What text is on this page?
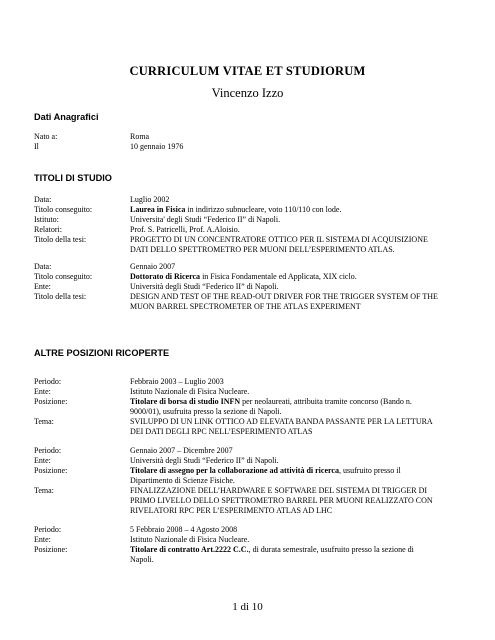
CURRICULUM VITAE ET STUDIORUM
Vincenzo Izzo
Dati Anagrafici
Nato a:	Roma
Il	10 gennaio 1976
TITOLI DI STUDIO
Data:	Luglio 2002
Titolo conseguito:	Laurea in Fisica in indirizzo subnucleare, voto 110/110 con lode.
Istituto:	Universita' degli Studi “Federico II” di Napoli.
Relatori:	Prof. S. Patricelli, Prof. A.Aloisio.
Titolo della tesi:	PROGETTO DI UN CONCENTRATORE OTTICO PER IL SISTEMA DI ACQUISIZIONE DATI DELLO SPETTROMETRO PER MUONI DELL’ESPERIMENTO ATLAS.
Data:	Gennaio 2007
Titolo conseguito:	Dottorato di Ricerca in Fisica Fondamentale ed Applicata, XIX ciclo.
Ente:	Università degli Studi “Federico II” di Napoli.
Titolo della tesi:	DESIGN AND TEST OF THE READ-OUT DRIVER FOR THE TRIGGER SYSTEM OF THE MUON BARREL SPECTROMETER OF THE ATLAS EXPERIMENT
ALTRE POSIZIONI RICOPERTE
Periodo:	Febbraio 2003 – Luglio 2003
Ente:	Istituto Nazionale di Fisica Nucleare.
Posizione:	Titolare di borsa di studio INFN per neolaureati, attribuita tramite concorso (Bando n. 9000/01), usufruita presso la sezione di Napoli.
Tema:	SVILUPPO DI UN LINK OTTICO AD ELEVATA BANDA PASSANTE PER LA LETTURA DEI DATI DEGLI RPC NELL’ESPERIMENTO ATLAS
Periodo:	Gennaio 2007 – Dicembre 2007
Ente:	Università degli Studi “Federico II” di Napoli.
Posizione:	Titolare di assegno per la collaborazione ad attività di ricerca, usufruito presso il Dipartimento di Scienze Fisiche.
Tema:	FINALIZZAZIONE DELL’HARDWARE E SOFTWARE DEL SISTEMA DI TRIGGER DI PRIMO LIVELLO DELLO SPETTROMETRO BARREL PER MUONI REALIZZATO CON RIVELATORI RPC PER L’ESPERIMENTO ATLAS AD LHC
Periodo:	5 Febbraio 2008 – 4 Agosto 2008
Ente:	Istituto Nazionale di Fisica Nucleare.
Posizione:	Titolare di contratto Art.2222 C.C., di durata semestrale, usufruito presso la sezione di Napoli.
1 di 10
